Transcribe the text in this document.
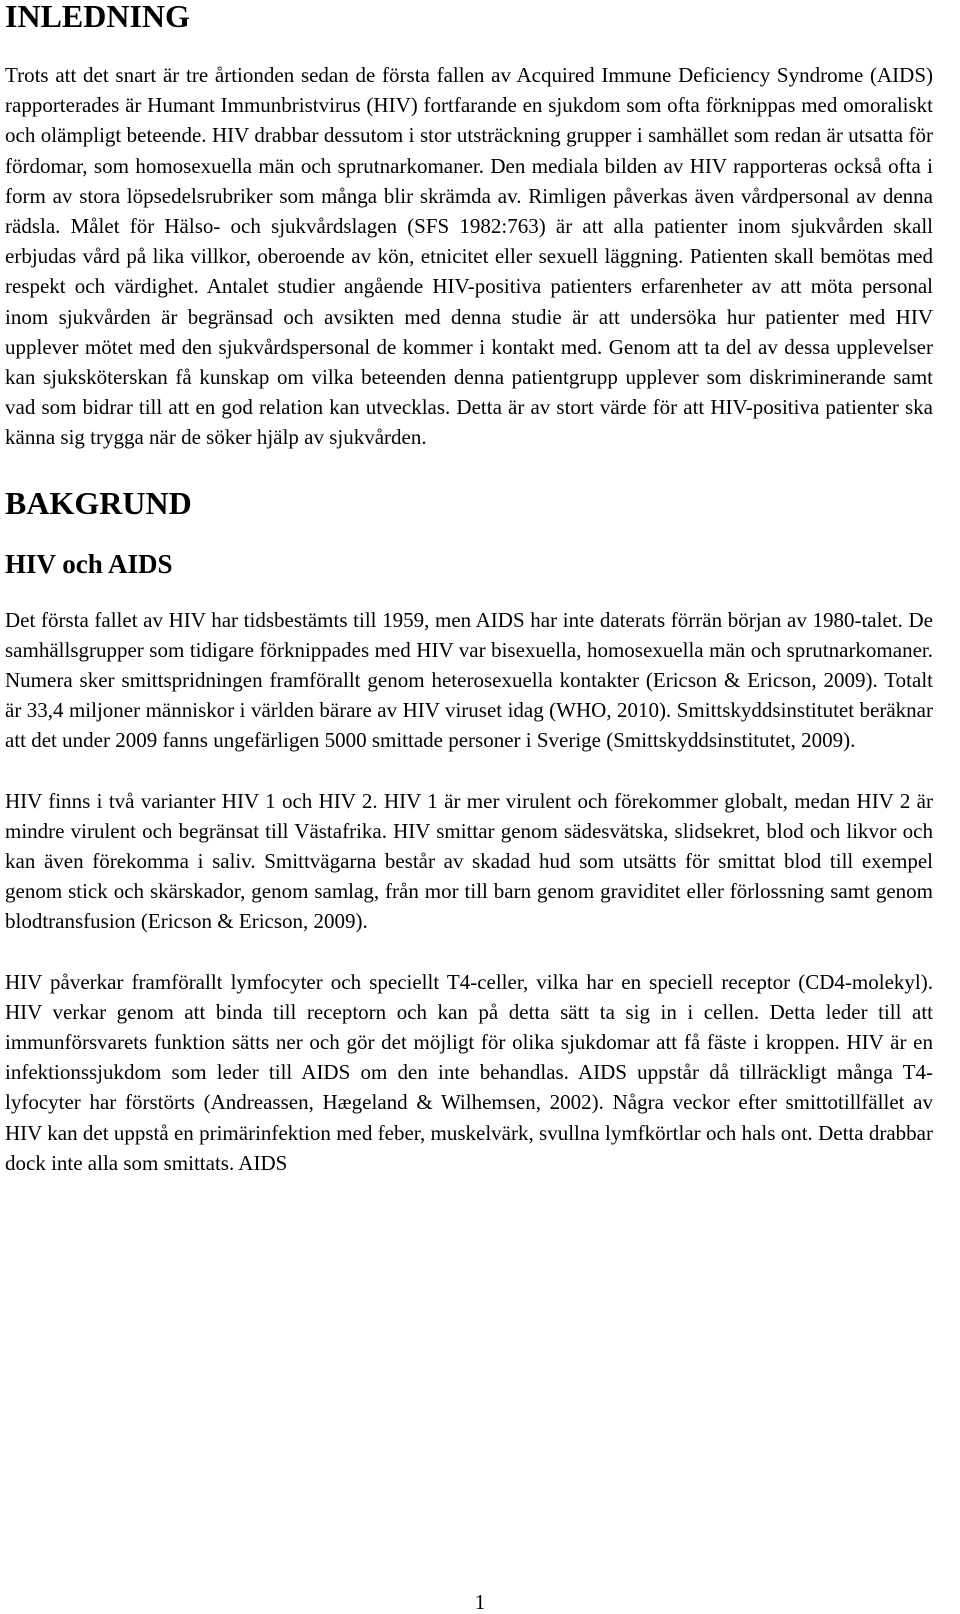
INLEDNING

Trots att det snart är tre årtionden sedan de första fallen av Acquired Immune Deficiency Syndrome (AIDS) rapporterades är Humant Immunbristvirus (HIV) fortfarande en sjukdom som ofta förknippas med omoraliskt och olämpligt beteende. HIV drabbar dessutom i stor utsträckning grupper i samhället som redan är utsatta för fördomar, som homosexuella män och sprutnarkomaner. Den mediala bilden av HIV rapporteras också ofta i form av stora löpsedelsrubriker som många blir skrämda av. Rimligen påverkas även vårdpersonal av denna rädsla. Målet för Hälso- och sjukvårdslagen (SFS 1982:763) är att alla patienter inom sjukvården skall erbjudas vård på lika villkor, oberoende av kön, etnicitet eller sexuell läggning. Patienten skall bemötas med respekt och värdighet. Antalet studier angående HIV-positiva patienters erfarenheter av att möta personal inom sjukvården är begränsad och avsikten med denna studie är att undersöka hur patienter med HIV upplever mötet med den sjukvårdspersonal de kommer i kontakt med. Genom att ta del av dessa upplevelser kan sjuksköterskan få kunskap om vilka beteenden denna patientgrupp upplever som diskriminerande samt vad som bidrar till att en god relation kan utvecklas. Detta är av stort värde för att HIV-positiva patienter ska känna sig trygga när de söker hjälp av sjukvården.

BAKGRUND
HIV och AIDS

Det första fallet av HIV har tidsbestämts till 1959, men AIDS har inte daterats förrän början av 1980-talet. De samhällsgrupper som tidigare förknippades med HIV var bisexuella, homosexuella män och sprutnarkomaner. Numera sker smittspridningen framförallt genom heterosexuella kontakter (Ericson & Ericson, 2009). Totalt är 33,4 miljoner människor i världen bärare av HIV viruset idag (WHO, 2010). Smittskyddsinstitutet beräknar att det under 2009 fanns ungefärligen 5000 smittade personer i Sverige (Smittskyddsinstitutet, 2009).

HIV finns i två varianter HIV 1 och HIV 2. HIV 1 är mer virulent och förekommer globalt, medan HIV 2 är mindre virulent och begränsat till Västafrika. HIV smittar genom sädesvätska, slidsekret, blod och likvor och kan även förekomma i saliv. Smittvägarna består av skadad hud som utsätts för smittat blod till exempel genom stick och skärskador, genom samlag, från mor till barn genom graviditet eller förlossning samt genom blodtransfusion (Ericson & Ericson, 2009).

HIV påverkar framförallt lymfocyter och speciellt T4-celler, vilka har en speciell receptor (CD4-molekyl). HIV verkar genom att binda till receptorn och kan på detta sätt ta sig in i cellen. Detta leder till att immunförsvarets funktion sätts ner och gör det möjligt för olika sjukdomar att få fäste i kroppen. HIV är en infektionssjukdom som leder till AIDS om den inte behandlas. AIDS uppstår då tillräckligt många T4-lyfocyter har förstörts (Andreassen, Hægeland & Wilhemsen, 2002). Några veckor efter smittotillfället av HIV kan det uppstå en primärinfektion med feber, muskelvärk, svullna lymfkörtlar och hals ont. Detta drabbar dock inte alla som smittats. AIDS

1
